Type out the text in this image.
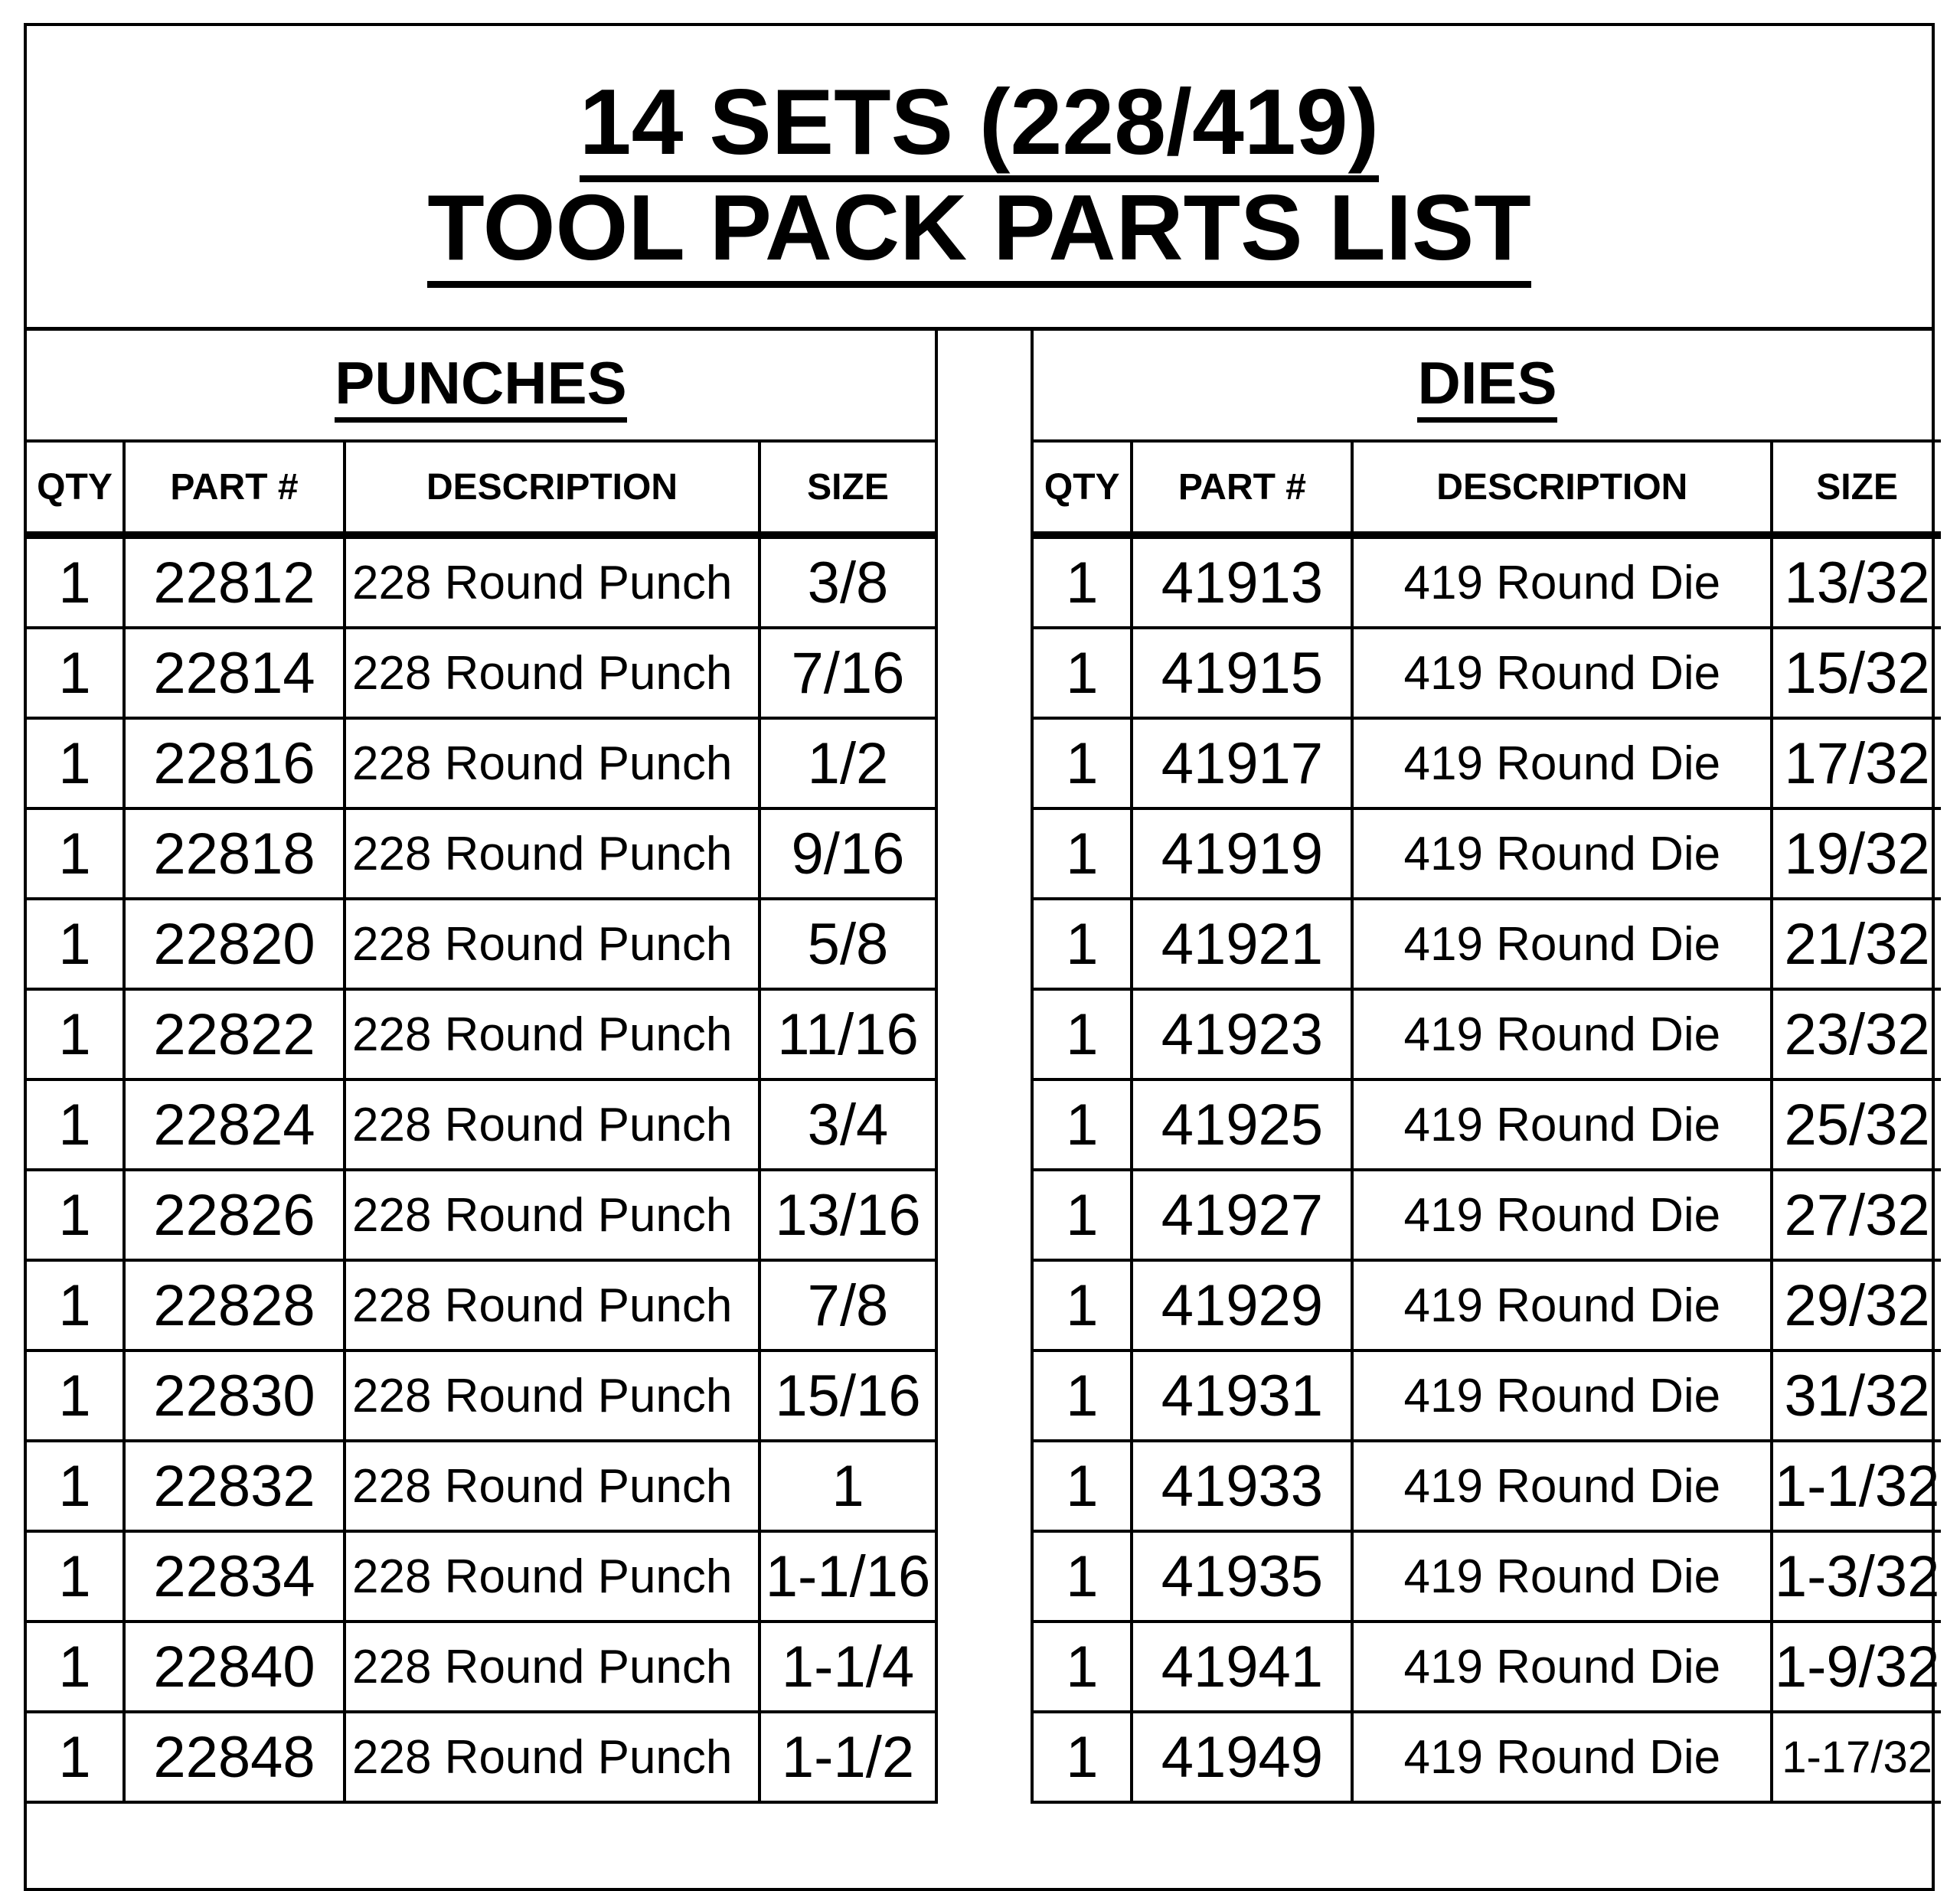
14 SETS (228/419)
TOOL PACK PARTS LIST
PUNCHES
QTY	PART #	DESCRIPTION	SIZE
1	22812	228 Round Punch	3/8
1	22814	228 Round Punch	7/16
1	22816	228 Round Punch	1/2
1	22818	228 Round Punch	9/16
1	22820	228 Round Punch	5/8
1	22822	228 Round Punch	11/16
1	22824	228 Round Punch	3/4
1	22826	228 Round Punch	13/16
1	22828	228 Round Punch	7/8
1	22830	228 Round Punch	15/16
1	22832	228 Round Punch	1
1	22834	228 Round Punch	1-1/16
1	22840	228 Round Punch	1-1/4
1	22848	228 Round Punch	1-1/2
DIES
QTY	PART #	DESCRIPTION	SIZE
1	41913	419 Round Die	13/32
1	41915	419 Round Die	15/32
1	41917	419 Round Die	17/32
1	41919	419 Round Die	19/32
1	41921	419 Round Die	21/32
1	41923	419 Round Die	23/32
1	41925	419 Round Die	25/32
1	41927	419 Round Die	27/32
1	41929	419 Round Die	29/32
1	41931	419 Round Die	31/32
1	41933	419 Round Die	1-1/32
1	41935	419 Round Die	1-3/32
1	41941	419 Round Die	1-9/32
1	41949	419 Round Die	1-17/32
